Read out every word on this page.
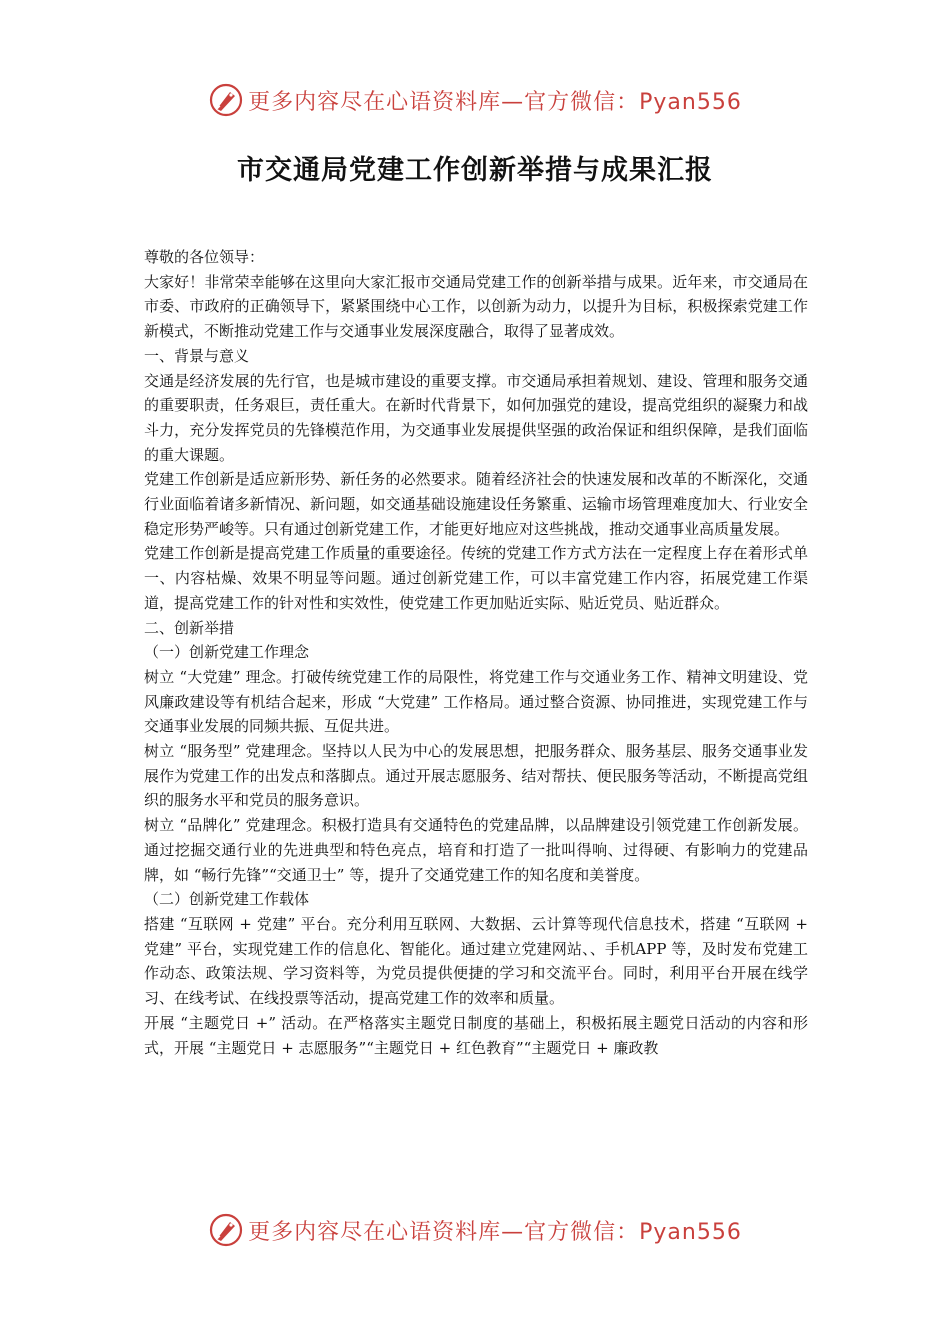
更多内容尽在心语资料库—官方微信：Pyan556
市交通局党建工作创新举措与成果汇报

尊敬的各位领导：

大家好！非常荣幸能够在这里向大家汇报市交通局党建工作的创新举措与成果。近年来，市交通局在市委、市政府的正确领导下，紧紧围绕中心工作，以创新为动力，以提升为目标，积极探索党建工作新模式，不断推动党建工作与交通事业发展深度融合，取得了显著成效。

一、背景与意义

交通是经济发展的先行官，也是城市建设的重要支撑。市交通局承担着规划、建设、管理和服务交通的重要职责，任务艰巨，责任重大。在新时代背景下，如何加强党的建设，提高党组织的凝聚力和战斗力，充分发挥党员的先锋模范作用，为交通事业发展提供坚强的政治保证和组织保障，是我们面临的重大课题。

党建工作创新是适应新形势、新任务的必然要求。随着经济社会的快速发展和改革的不断深化，交通行业面临着诸多新情况、新问题，如交通基础设施建设任务繁重、运输市场管理难度加大、行业安全稳定形势严峻等。只有通过创新党建工作，才能更好地应对这些挑战，推动交通事业高质量发展。

党建工作创新是提高党建工作质量的重要途径。传统的党建工作方式方法在一定程度上存在着形式单一、内容枯燥、效果不明显等问题。通过创新党建工作，可以丰富党建工作内容，拓展党建工作渠道，提高党建工作的针对性和实效性，使党建工作更加贴近实际、贴近党员、贴近群众。

二、创新举措

（一）创新党建工作理念

树立 “大党建” 理念。打破传统党建工作的局限性，将党建工作与交通业务工作、精神文明建设、党风廉政建设等有机结合起来，形成 “大党建” 工作格局。通过整合资源、协同推进，实现党建工作与交通事业发展的同频共振、互促共进。

树立 “服务型” 党建理念。坚持以人民为中心的发展思想，把服务群众、服务基层、服务交通事业发展作为党建工作的出发点和落脚点。通过开展志愿服务、结对帮扶、便民服务等活动，不断提高党组织的服务水平和党员的服务意识。

树立 “品牌化” 党建理念。积极打造具有交通特色的党建品牌，以品牌建设引领党建工作创新发展。通过挖掘交通行业的先进典型和特色亮点，培育和打造了一批叫得响、过得硬、有影响力的党建品牌，如 “畅行先锋”“交通卫士” 等，提升了交通党建工作的知名度和美誉度。

（二）创新党建工作载体

搭建 “互联网 + 党建” 平台。充分利用互联网、大数据、云计算等现代信息技术，搭建 “互联网 + 党建” 平台，实现党建工作的信息化、智能化。通过建立党建网站、、手机APP 等，及时发布党建工作动态、政策法规、学习资料等，为党员提供便捷的学习和交流平台。同时，利用平台开展在线学习、在线考试、在线投票等活动，提高党建工作的效率和质量。

开展 “主题党日 +” 活动。在严格落实主题党日制度的基础上，积极拓展主题党日活动的内容和形式，开展 “主题党日 + 志愿服务”“主题党日 + 红色教育”“主题党日 + 廉政教

更多内容尽在心语资料库—官方微信：Pyan556
